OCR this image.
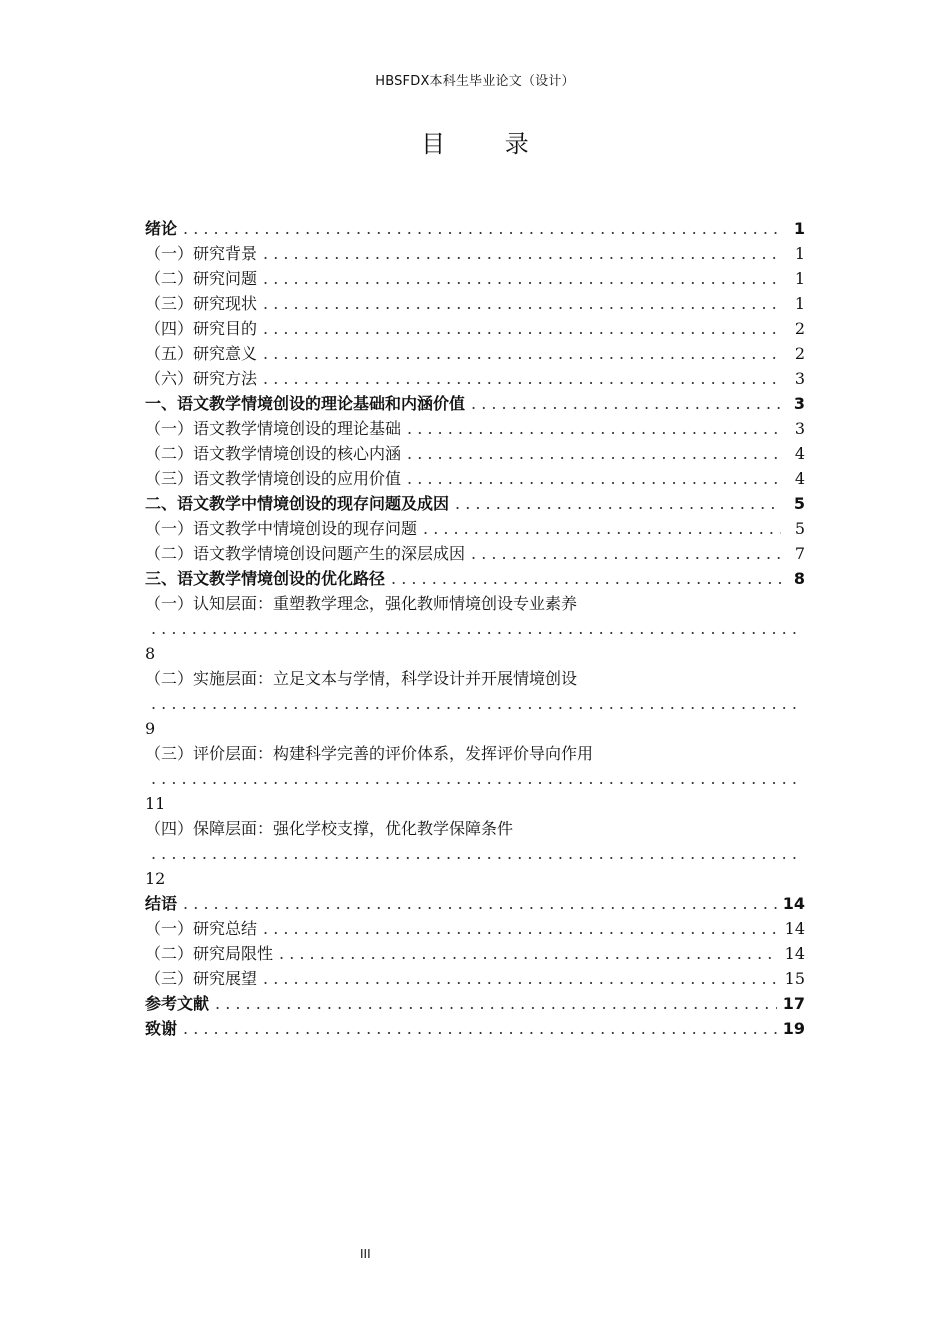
HBSFDX本科生毕业论文（设计）
目 录
绪论 . . .	1
（一）研究背景 . . .	1
（二）研究问题 . . .	1
（三）研究现状 . . .	1
（四）研究目的 . . .	2
（五）研究意义 . . .	2
（六）研究方法 . . .	3
一、语文教学情境创设的理论基础和内涵价值 . . .	3
（一）语文教学情境创设的理论基础 . . .	3
（二）语文教学情境创设的核心内涵 . . .	4
（三）语文教学情境创设的应用价值 . . .	4
二、语文教学中情境创设的现存问题及成因 . . .	5
（一）语文教学中情境创设的现存问题 . . .	5
（二）语文教学情境创设问题产生的深层成因 . . .	7
三、语文教学情境创设的优化路径 . . .	8
（一）认知层面：重塑教学理念，强化教师情境创设专业素养
. . .
8
（二）实施层面：立足文本与学情，科学设计并开展情境创设
. . .
9
（三）评价层面：构建科学完善的评价体系，发挥评价导向作用
. . .
11
（四）保障层面：强化学校支撑，优化教学保障条件
. . .
12
结语 . . .	14
（一）研究总结 . . .	14
（二）研究局限性 . . .	14
（三）研究展望 . . .	15
参考文献 . . .	17
致谢 . . .	19
III
